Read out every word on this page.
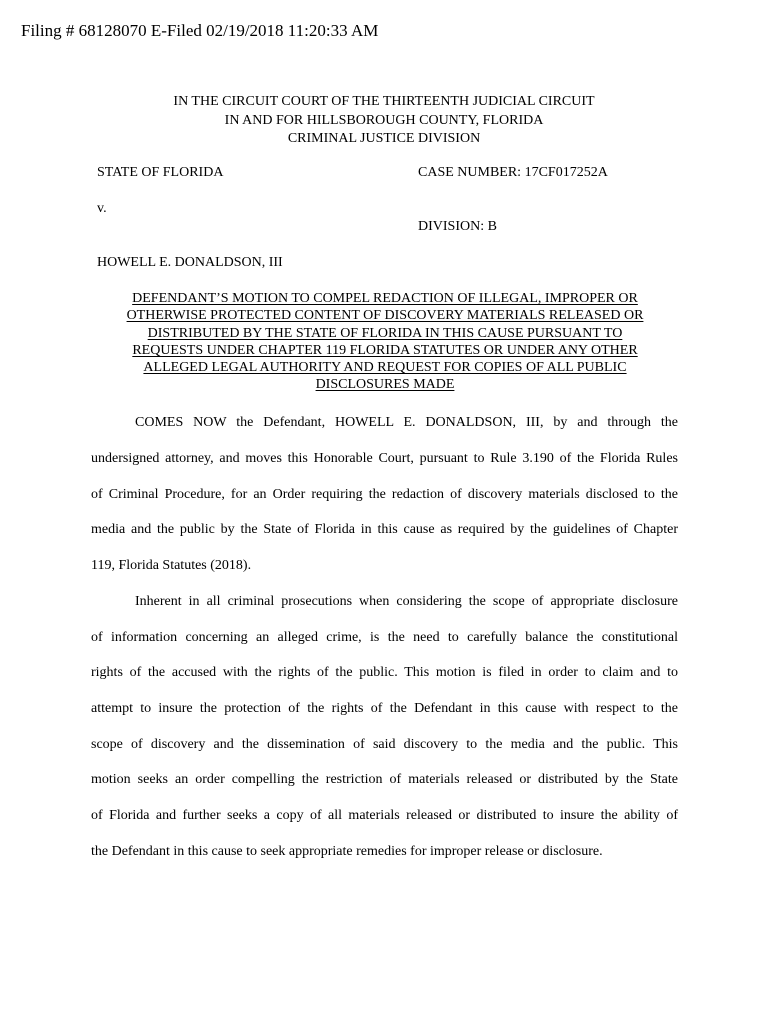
Filing # 68128070 E-Filed 02/19/2018 11:20:33 AM
IN THE CIRCUIT COURT OF THE THIRTEENTH JUDICIAL CIRCUIT
IN AND FOR HILLSBOROUGH COUNTY, FLORIDA
CRIMINAL JUSTICE DIVISION
STATE OF FLORIDA	CASE NUMBER: 17CF017252A
v.
DIVISION: B
HOWELL E. DONALDSON, III
DEFENDANT’S MOTION TO COMPEL REDACTION OF ILLEGAL, IMPROPER OR
OTHERWISE PROTECTED CONTENT OF DISCOVERY MATERIALS RELEASED OR
DISTRIBUTED BY THE STATE OF FLORIDA IN THIS CAUSE PURSUANT TO
REQUESTS UNDER CHAPTER 119 FLORIDA STATUTES OR UNDER ANY OTHER
ALLEGED LEGAL AUTHORITY AND REQUEST FOR COPIES OF ALL PUBLIC
DISCLOSURES MADE
COMES NOW the Defendant, HOWELL E. DONALDSON, III, by and through the
undersigned attorney, and moves this Honorable Court, pursuant to Rule 3.190 of the Florida Rules
of Criminal Procedure, for an Order requiring the redaction of discovery materials disclosed to the
media and the public by the State of Florida in this cause as required by the guidelines of Chapter
119, Florida Statutes (2018).
Inherent in all criminal prosecutions when considering the scope of appropriate disclosure
of information concerning an alleged crime, is the need to carefully balance the constitutional
rights of the accused with the rights of the public. This motion is filed in order to claim and to
attempt to insure the protection of the rights of the Defendant in this cause with respect to the
scope of discovery and the dissemination of said discovery to the media and the public. This
motion seeks an order compelling the restriction of materials released or distributed by the State
of Florida and further seeks a copy of all materials released or distributed to insure the ability of
the Defendant in this cause to seek appropriate remedies for improper release or disclosure.
